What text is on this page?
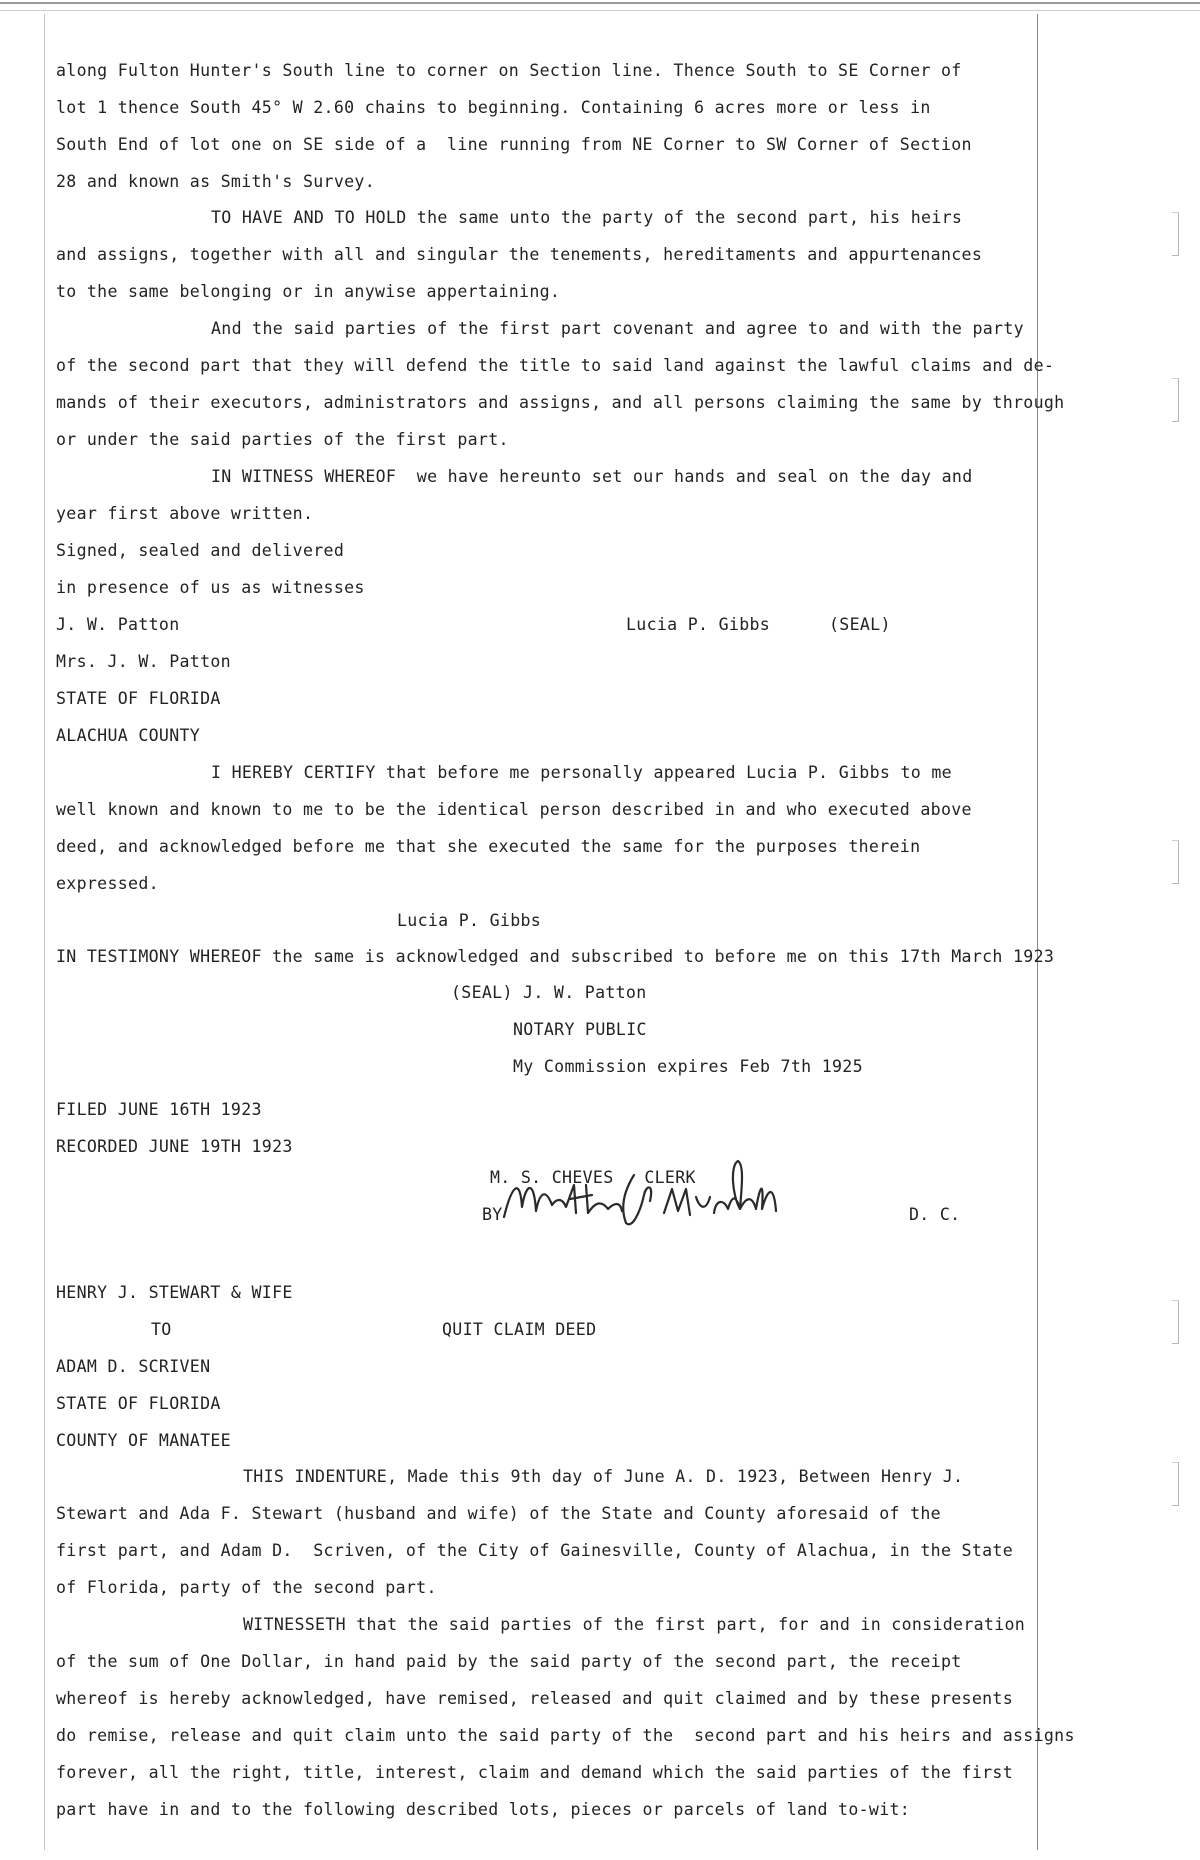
along Fulton Hunter's South line to corner on Section line. Thence South to SE Corner of
lot 1 thence South 45° W 2.60 chains to beginning. Containing 6 acres more or less in
South End of lot one on SE side of a  line running from NE Corner to SW Corner of Section
28 and known as Smith's Survey.
TO HAVE AND TO HOLD the same unto the party of the second part, his heirs
and assigns, together with all and singular the tenements, hereditaments and appurtenances
to the same belonging or in anywise appertaining.
And the said parties of the first part covenant and agree to and with the party
of the second part that they will defend the title to said land against the lawful claims and de-
mands of their executors, administrators and assigns, and all persons claiming the same by through
or under the said parties of the first part.
IN WITNESS WHEREOF  we have hereunto set our hands and seal on the day and
year first above written.
Signed, sealed and delivered
in presence of us as witnesses
J. W. Patton	Lucia P. Gibbs	(SEAL)
Mrs. J. W. Patton
STATE OF FLORIDA
ALACHUA COUNTY
I HEREBY CERTIFY that before me personally appeared Lucia P. Gibbs to me
well known and known to me to be the identical person described in and who executed above
deed, and acknowledged before me that she executed the same for the purposes therein
expressed.
Lucia P. Gibbs
IN TESTIMONY WHEREOF the same is acknowledged and subscribed to before me on this 17th March 1923
(SEAL) J. W. Patton
NOTARY PUBLIC
My Commission expires Feb 7th 1925
FILED JUNE 16TH 1923
RECORDED JUNE 19TH 1923
M. S. CHEVES   CLERK
BY	D. C.
HENRY J. STEWART & WIFE
TO	QUIT CLAIM DEED
ADAM D. SCRIVEN
STATE OF FLORIDA
COUNTY OF MANATEE
THIS INDENTURE, Made this 9th day of June A. D. 1923, Between Henry J.
Stewart and Ada F. Stewart (husband and wife) of the State and County aforesaid of the
first part, and Adam D.  Scriven, of the City of Gainesville, County of Alachua, in the State
of Florida, party of the second part.
WITNESSETH that the said parties of the first part, for and in consideration
of the sum of One Dollar, in hand paid by the said party of the second part, the receipt
whereof is hereby acknowledged, have remised, released and quit claimed and by these presents
do remise, release and quit claim unto the said party of the  second part and his heirs and assigns
forever, all the right, title, interest, claim and demand which the said parties of the first
part have in and to the following described lots, pieces or parcels of land to-wit:
